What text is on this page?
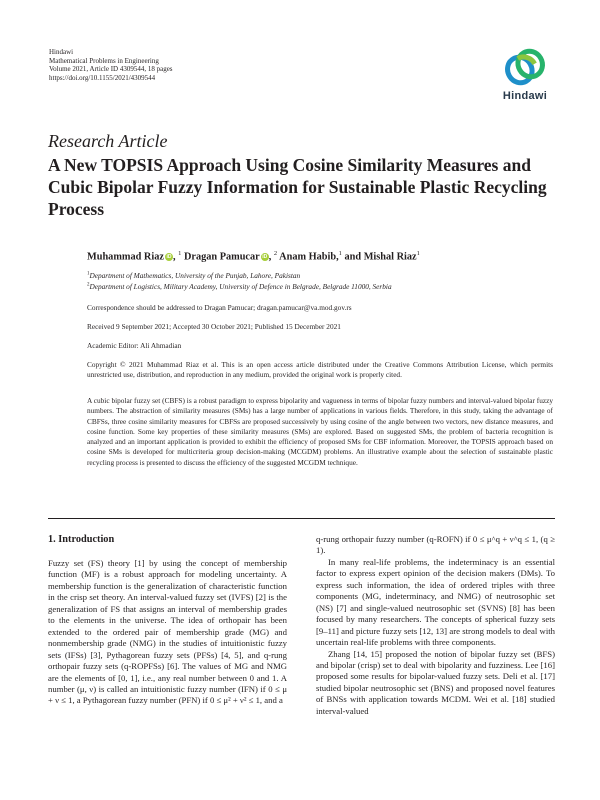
Hindawi
Mathematical Problems in Engineering
Volume 2021, Article ID 4309544, 18 pages
https://doi.org/10.1155/2021/4309544
Hindawi
Research Article
A New TOPSIS Approach Using Cosine Similarity Measures and Cubic Bipolar Fuzzy Information for Sustainable Plastic Recycling Process
Muhammad Riaz iD , $^1$ Dragan Pamucar iD , $^2$ Anam Habib,$^1$ and Mishal Riaz$^1$
$^1$Department of Mathematics, University of the Punjab, Lahore, Pakistan
$^2$Department of Logistics, Military Academy, University of Defence in Belgrade, Belgrade 11000, Serbia
Correspondence should be addressed to Dragan Pamucar; dragan.pamucar@va.mod.gov.rs
Received 9 September 2021; Accepted 30 October 2021; Published 15 December 2021
Academic Editor: Ali Ahmadian
Copyright © 2021 Muhammad Riaz et al. This is an open access article distributed under the Creative Commons Attribution License, which permits unrestricted use, distribution, and reproduction in any medium, provided the original work is properly cited.
A cubic bipolar fuzzy set (CBFS) is a robust paradigm to express bipolarity and vagueness in terms of bipolar fuzzy numbers and interval-valued bipolar fuzzy numbers. The abstraction of similarity measures (SMs) has a large number of applications in various fields. Therefore, in this study, taking the advantage of CBFSs, three cosine similarity measures for CBFSs are proposed successively by using cosine of the angle between two vectors, new distance measures, and cosine function. Some key properties of these similarity measures (SMs) are explored. Based on suggested SMs, the problem of bacteria recognition is analyzed and an important application is provided to exhibit the efficiency of proposed SMs for CBF information. Moreover, the TOPSIS approach based on cosine SMs is developed for multicriteria group decision-making (MCGDM) problems. An illustrative example about the selection of sustainable plastic recycling process is presented to discuss the efficiency of the suggested MCGDM technique.
1. Introduction

Fuzzy set (FS) theory [1] by using the concept of membership function (MF) is a robust approach for modeling uncertainty. A membership function is the generalization of characteristic function in the crisp set theory. An interval-valued fuzzy set (IVFS) [2] is the generalization of FS that assigns an interval of membership grades to the elements in the universe. The idea of orthopair has been extended to the ordered pair of membership grade (MG) and nonmembership grade (NMG) in the studies of intuitionistic fuzzy sets (IFSs) [3], Pythagorean fuzzy sets (PFSs) [4, 5], and q-rung orthopair fuzzy sets (q-ROPFSs) [6]. The values of MG and NMG are the elements of [0, 1], i.e., any real number between 0 and 1. A number (μ, ν) is called an intuitionistic fuzzy number (IFN) if 0 ≤ μ + ν ≤ 1, a Pythagorean fuzzy number (PFN) if 0 ≤ μ² + ν² ≤ 1, and a

q-rung orthopair fuzzy number (q-ROFN) if 0 ≤ μ^q + ν^q ≤ 1, (q ≥ 1).

In many real-life problems, the indeterminacy is an essential factor to express expert opinion of the decision makers (DMs). To express such information, the idea of ordered triples with three components (MG, indeterminacy, and NMG) of neutrosophic set (NS) [7] and single-valued neutrosophic set (SVNS) [8] has been focused by many researchers. The concepts of spherical fuzzy sets [9–11] and picture fuzzy sets [12, 13] are strong models to deal with uncertain real-life problems with three components.

Zhang [14, 15] proposed the notion of bipolar fuzzy set (BFS) and bipolar (crisp) set to deal with bipolarity and fuzziness. Lee [16] proposed some results for bipolar-valued fuzzy sets. Deli et al. [17] studied bipolar neutrosophic set (BNS) and proposed novel features of BNSs with application towards MCDM. Wei et al. [18] studied interval-valued
